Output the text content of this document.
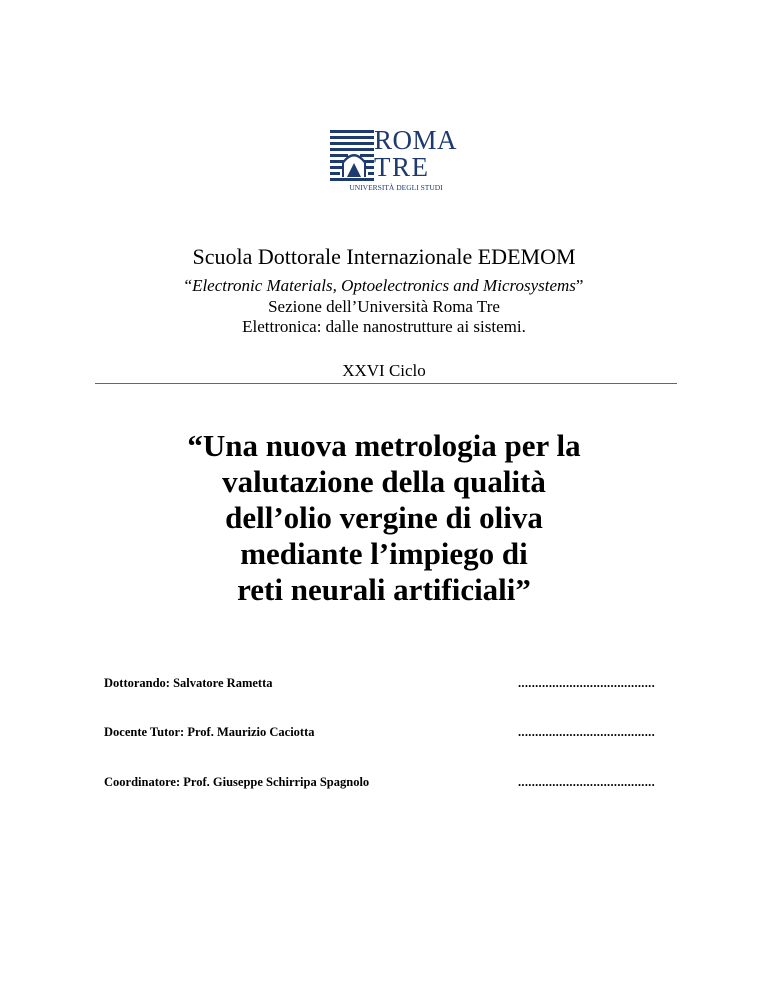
ROMA
TRE
UNIVERSITÀ DEGLI STUDI
Scuola Dottorale Internazionale EDEMOM
“Electronic Materials, Optoelectronics and Microsystems”
Sezione dell’Università Roma Tre
Elettronica: dalle nanostrutture ai sistemi.
XXVI Ciclo
“Una nuova metrologia per la
valutazione della qualità
dell’olio vergine di oliva
mediante l’impiego di
reti neurali artificiali”
Dottorando: Salvatore Rametta	........................................
Docente Tutor: Prof. Maurizio Caciotta	........................................
Coordinatore: Prof. Giuseppe Schirripa Spagnolo	........................................
